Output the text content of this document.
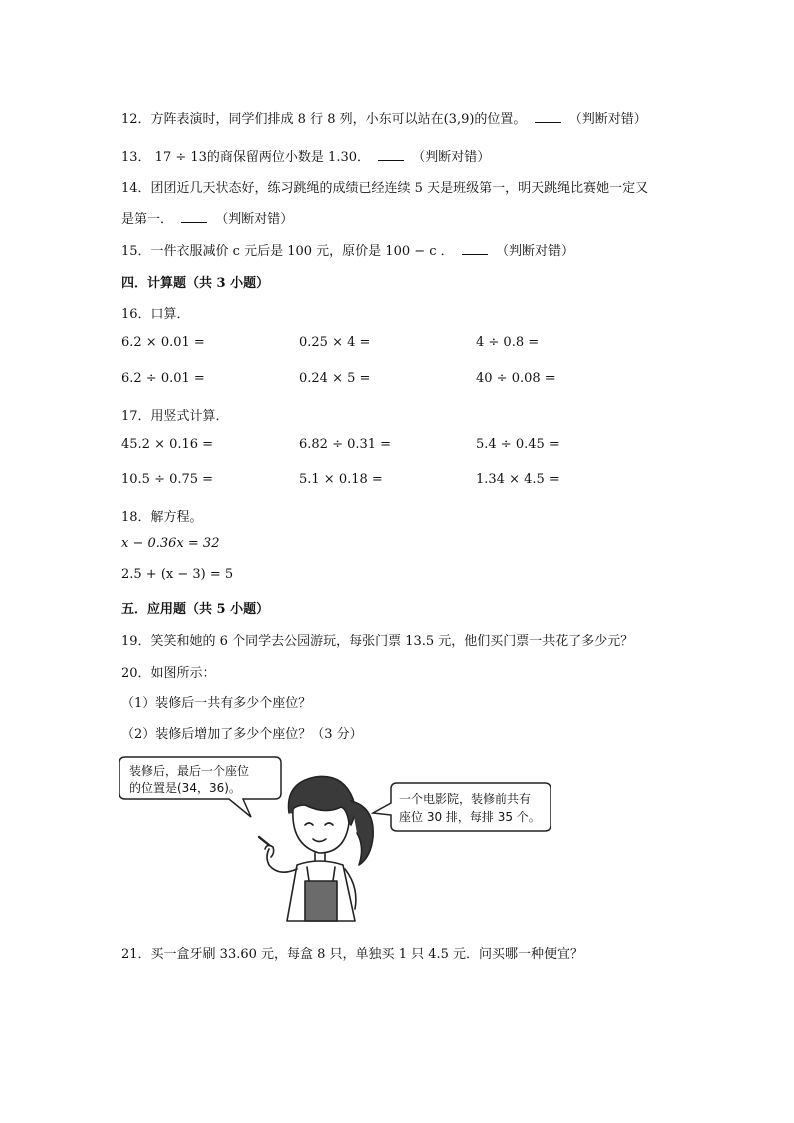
12．方阵表演时，同学们排成 8 行 8 列，小东可以站在(3,9)的位置。	（判断对错）
13． 17 ÷ 13的商保留两位小数是 1.30．	（判断对错）
14．团团近几天状态好，练习跳绳的成绩已经连续 5 天是班级第一，明天跳绳比赛她一定又
是第一．	（判断对错）
15．一件衣服减价 c 元后是 100 元，原价是 100 − c ．	（判断对错）
四．计算题（共 3 小题）
16．口算．
6.2 × 0.01 =	0.25 × 4 =	4 ÷ 0.8 =
6.2 ÷ 0.01 =	0.24 × 5 =	40 ÷ 0.08 =
17．用竖式计算．
45.2 × 0.16 =	6.82 ÷ 0.31 =	5.4 ÷ 0.45 =
10.5 ÷ 0.75 =	5.1 × 0.18 =	1.34 × 4.5 =
18．解方程。
x − 0.36x = 32
2.5 + (x − 3) = 5
五．应用题（共 5 小题）
19．笑笑和她的 6 个同学去公园游玩，每张门票 13.5 元，他们买门票一共花了多少元？
20．如图所示：
（1）装修后一共有多少个座位？
（2）装修后增加了多少个座位？（3 分）
装修后，最后一个座位
的位置是(34，36)。
一个电影院，装修前共有
座位 30 排，每排 35 个。
21．买一盒牙刷 33.60 元，每盒 8 只，单独买 1 只 4.5 元．问买哪一种便宜？
